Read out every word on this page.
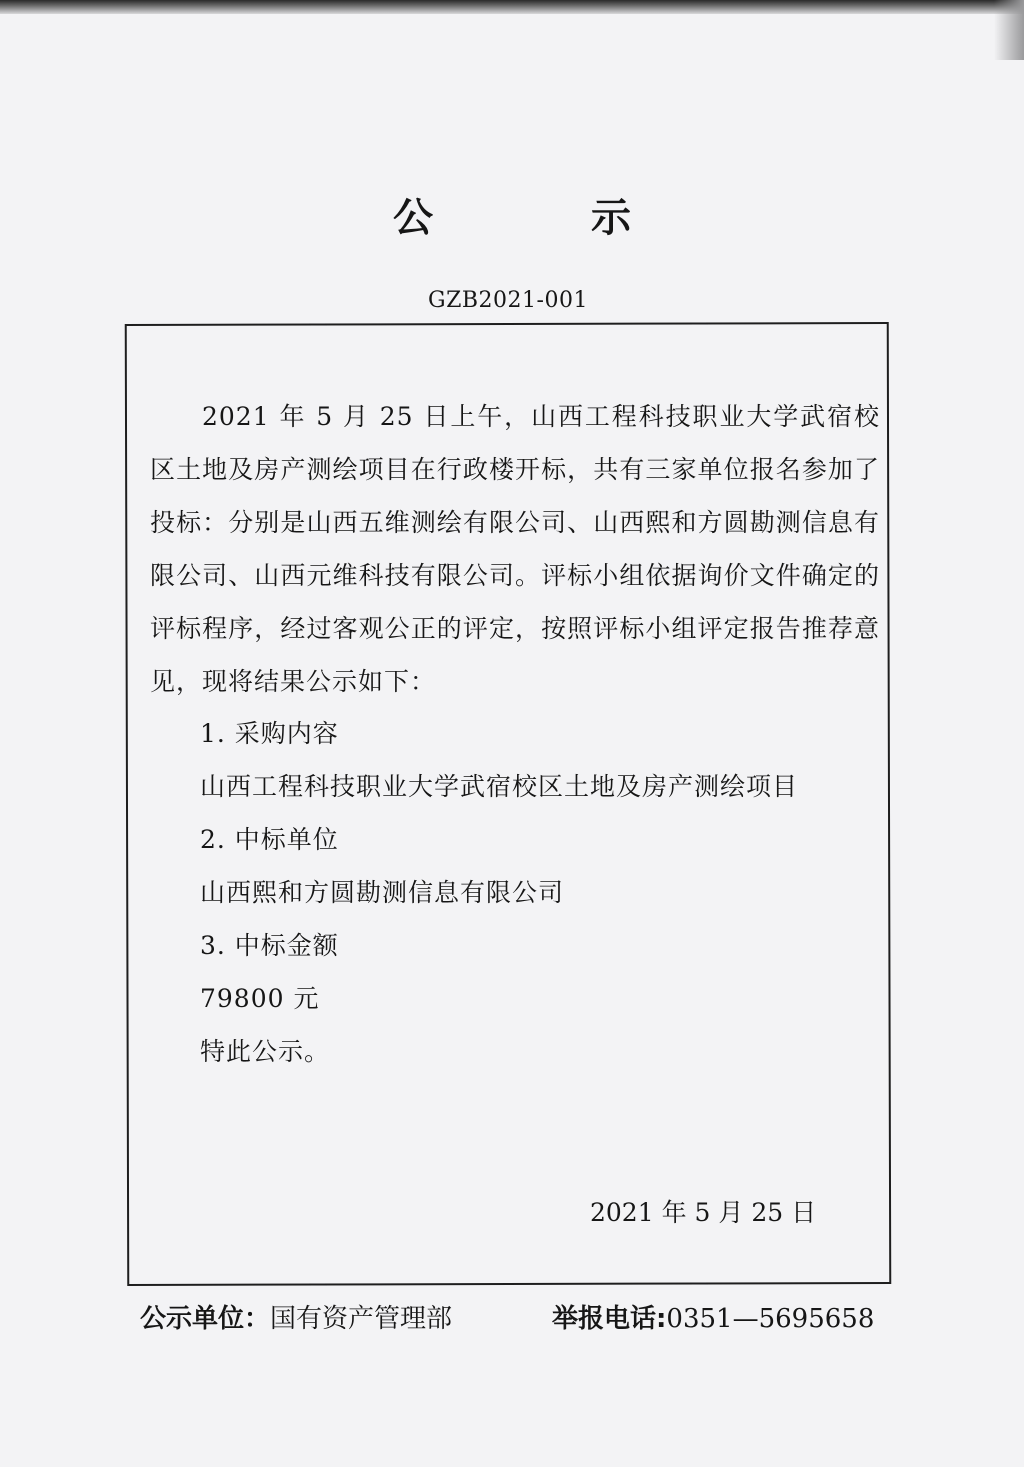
公 示
GZB2021-001
2021 年 5 月 25 日上午，山西工程科技职业大学武宿校区土地及房产测绘项目在行政楼开标，共有三家单位报名参加了投标：分别是山西五维测绘有限公司、山西熙和方圆勘测信息有限公司、山西元维科技有限公司。评标小组依据询价文件确定的评标程序，经过客观公正的评定，按照评标小组评定报告推荐意见，现将结果公示如下：
1. 采购内容
山西工程科技职业大学武宿校区土地及房产测绘项目
2. 中标单位
山西熙和方圆勘测信息有限公司
3. 中标金额
79800 元
特此公示。
2021 年 5 月 25 日
公示单位：国有资产管理部	举报电话:0351—5695658
